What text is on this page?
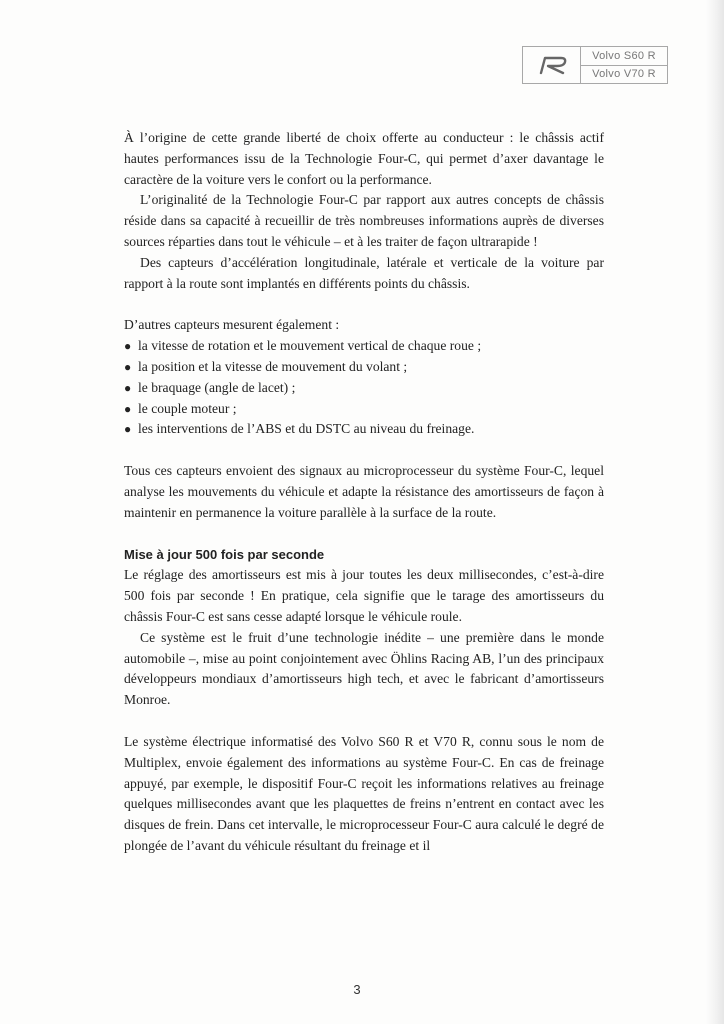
Volvo S60 R
Volvo V70 R

À l’origine de cette grande liberté de choix offerte au conducteur : le châssis actif hautes performances issu de la Technologie Four-C, qui permet d’axer davantage le caractère de la voiture vers le confort ou la performance.

L’originalité de la Technologie Four-C par rapport aux autres concepts de châssis réside dans sa capacité à recueillir de très nombreuses informations auprès de diverses sources réparties dans tout le véhicule – et à les traiter de façon ultrarapide !

Des capteurs d’accélération longitudinale, latérale et verticale de la voiture par rapport à la route sont implantés en différents points du châssis.

D’autres capteurs mesurent également :

● la vitesse de rotation et le mouvement vertical de chaque roue ;
● la position et la vitesse de mouvement du volant ;
● le braquage (angle de lacet) ;
● le couple moteur ;
● les interventions de l’ABS et du DSTC au niveau du freinage.

Tous ces capteurs envoient des signaux au microprocesseur du système Four-C, lequel analyse les mouvements du véhicule et adapte la résistance des amortisseurs de façon à maintenir en permanence la voiture parallèle à la surface de la route.

Mise à jour 500 fois par seconde

Le réglage des amortisseurs est mis à jour toutes les deux millisecondes, c’est-à-dire 500 fois par seconde ! En pratique, cela signifie que le tarage des amortisseurs du châssis Four-C est sans cesse adapté lorsque le véhicule roule.

Ce système est le fruit d’une technologie inédite – une première dans le monde automobile –, mise au point conjointement avec Öhlins Racing AB, l’un des principaux développeurs mondiaux d’amortisseurs high tech, et avec le fabricant d’amortisseurs Monroe.

Le système électrique informatisé des Volvo S60 R et V70 R, connu sous le nom de Multiplex, envoie également des informations au système Four-C. En cas de freinage appuyé, par exemple, le dispositif Four-C reçoit les informations relatives au freinage quelques millisecondes avant que les plaquettes de freins n’entrent en contact avec les disques de frein. Dans cet intervalle, le microprocesseur Four-C aura calculé le degré de plongée de l’avant du véhicule résultant du freinage et il

3
